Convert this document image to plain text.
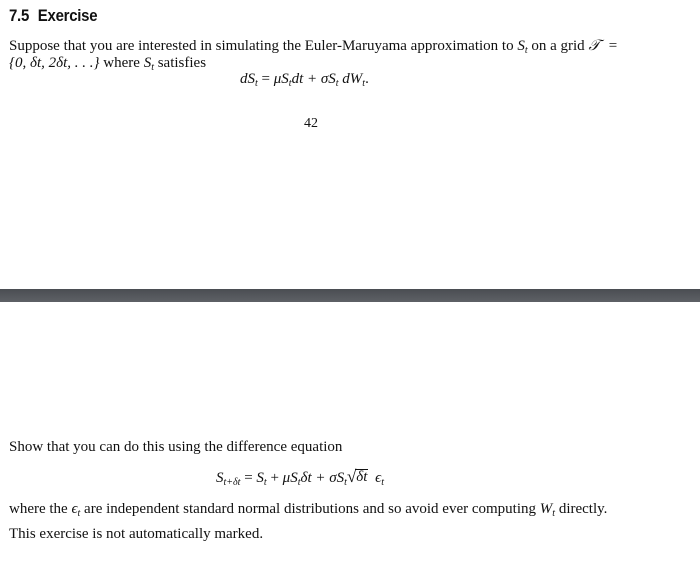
7.5 Exercise
Suppose that you are interested in simulating the Euler-Maruyama approximation to $S_t$ on a grid 𝒯 =
{0, δt, 2δt, . . .} where $S_t$ satisfies
$dS_t = \mu S_tdt + \sigma S_t$ $dW_t$.
42
Show that you can do this using the difference equation
$S_{t+\delta t} = S_t + \mu S_t\delta t + \sigma S_t$ √ δt $\epsilon_t$
where the $\epsilon_t$ are independent standard normal distributions and so avoid ever computing $W_t$ directly.
This exercise is not automatically marked.
